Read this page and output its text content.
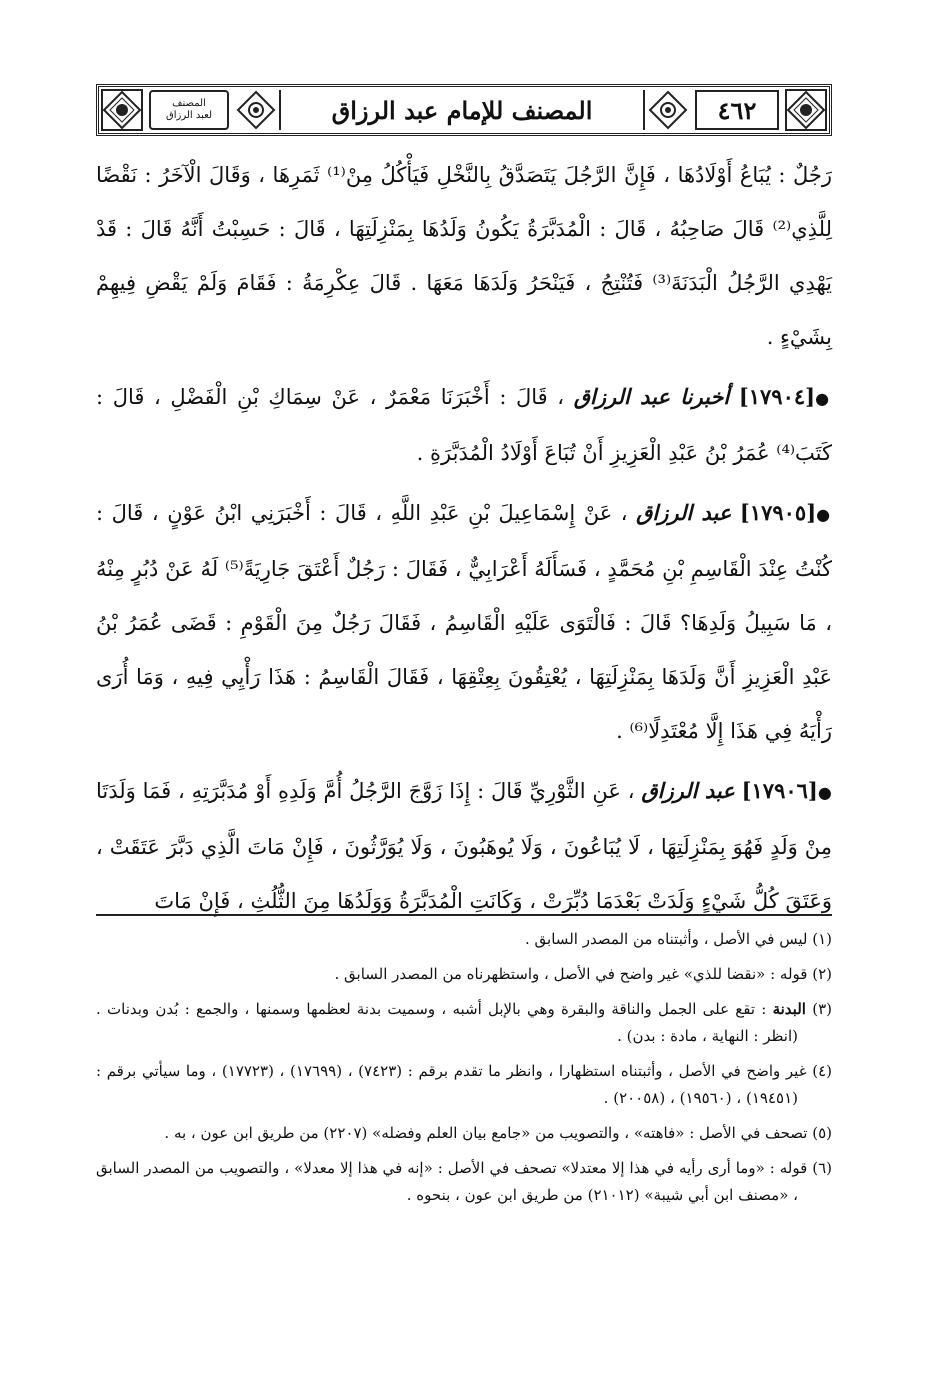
المصنف
لعبد الرزاق	المصنف للإمام عبد الرزاق	٤٦٢

رَجُلٌ : يُبَاعُ أَوْلَادُهَا ، فَإِنَّ الرَّجُلَ يَتَصَدَّقُ بِالنَّخْلِ فَيَأْكُلُ مِنْ⁽¹⁾ ثَمَرِهَا ، وَقَالَ الْآخَرُ : نَقْضًا لِلَّذِي⁽²⁾ قَالَ صَاحِبُهُ ، قَالَ : الْمُدَبَّرَةُ يَكُونُ وَلَدُهَا بِمَنْزِلَتِهَا ، قَالَ : حَسِبْتُ أَنَّهُ قَالَ : قَدْ يَهْدِي الرَّجُلُ الْبَدَنَةَ⁽³⁾ فَتُنْتِجُ ، فَيَنْحَرُ وَلَدَهَا مَعَهَا . قَالَ عِكْرِمَةُ : فَقَامَ وَلَمْ يَقْضِ فِيهِمْ بِشَيْءٍ .

●[١٧٩٠٤] أخبرنا عبد الرزاق ، قَالَ : أَخْبَرَنَا مَعْمَرٌ ، عَنْ سِمَاكِ بْنِ الْفَضْلِ ، قَالَ : كَتَبَ⁽⁴⁾ عُمَرُ بْنُ عَبْدِ الْعَزِيزِ أَنْ تُبَاعَ أَوْلَادُ الْمُدَبَّرَةِ .

●[١٧٩٠٥] عبد الرزاق ، عَنْ إِسْمَاعِيلَ بْنِ عَبْدِ اللَّهِ ، قَالَ : أَخْبَرَنِي ابْنُ عَوْنٍ ، قَالَ : كُنْتُ عِنْدَ الْقَاسِمِ بْنِ مُحَمَّدٍ ، فَسَأَلَهُ أَعْرَابِيٌّ ، فَقَالَ : رَجُلٌ أَعْتَقَ جَارِيَةً⁽⁵⁾ لَهُ عَنْ دُبُرٍ مِنْهُ ، مَا سَبِيلُ وَلَدِهَا؟ قَالَ : فَالْتَوَى عَلَيْهِ الْقَاسِمُ ، فَقَالَ رَجُلٌ مِنَ الْقَوْمِ : قَضَى عُمَرُ بْنُ عَبْدِ الْعَزِيزِ أَنَّ وَلَدَهَا بِمَنْزِلَتِهَا ، يُعْتِقُونَ بِعِتْقِهَا ، فَقَالَ الْقَاسِمُ : هَذَا رَأْيِي فِيهِ ، وَمَا أُرَى رَأْيَهُ فِي هَذَا إِلَّا مُعْتَدِلًا⁽⁶⁾ .

●[١٧٩٠٦] عبد الرزاق ، عَنِ الثَّوْرِيِّ قَالَ : إِذَا زَوَّجَ الرَّجُلُ أُمَّ وَلَدِهِ أَوْ مُدَبَّرَتِهِ ، فَمَا وَلَدَتَا مِنْ وَلَدٍ فَهُوَ بِمَنْزِلَتِهَا ، لَا يُبَاعُونَ ، وَلَا يُوهَبُونَ ، وَلَا يُوَرَّثُونَ ، فَإِنْ مَاتَ الَّذِي دَبَّرَ عَتَقَتْ ، وَعَتَقَ كُلُّ شَيْءٍ وَلَدَتْ بَعْدَمَا دُبِّرَتْ ، وَكَانَتِ الْمُدَبَّرَةُ وَوَلَدُهَا مِنَ الثُّلُثِ ، فَإِنْ مَاتَ

(١) ليس في الأصل ، وأثبتناه من المصدر السابق .

(٢) قوله : «نقضا للذي» غير واضح في الأصل ، واستظهرناه من المصدر السابق .

(٣) البدنة : تقع على الجمل والناقة والبقرة وهي بالإبل أشبه ، وسميت بدنة لعظمها وسمنها ، والجمع : بُدن وبدنات . (انظر : النهاية ، مادة : بدن) .

(٤) غير واضح في الأصل ، وأثبتناه استظهارا ، وانظر ما تقدم برقم : (٧٤٢٣) ، (١٧٦٩٩) ، (١٧٧٢٣) ، وما سيأتي برقم : (١٩٤٥١) ، (١٩٥٦٠) ، (٢٠٠٥٨) .

(٥) تصحف في الأصل : «فاهته» ، والتصويب من «جامع بيان العلم وفضله» (٢٢٠٧) من طريق ابن عون ، به .

(٦) قوله : «وما أرى رأيه في هذا إلا معتدلا» تصحف في الأصل : «إنه في هذا إلا معدلا» ، والتصويب من المصدر السابق ، «مصنف ابن أبي شيبة» (٢١٠١٢) من طريق ابن عون ، بنحوه .
